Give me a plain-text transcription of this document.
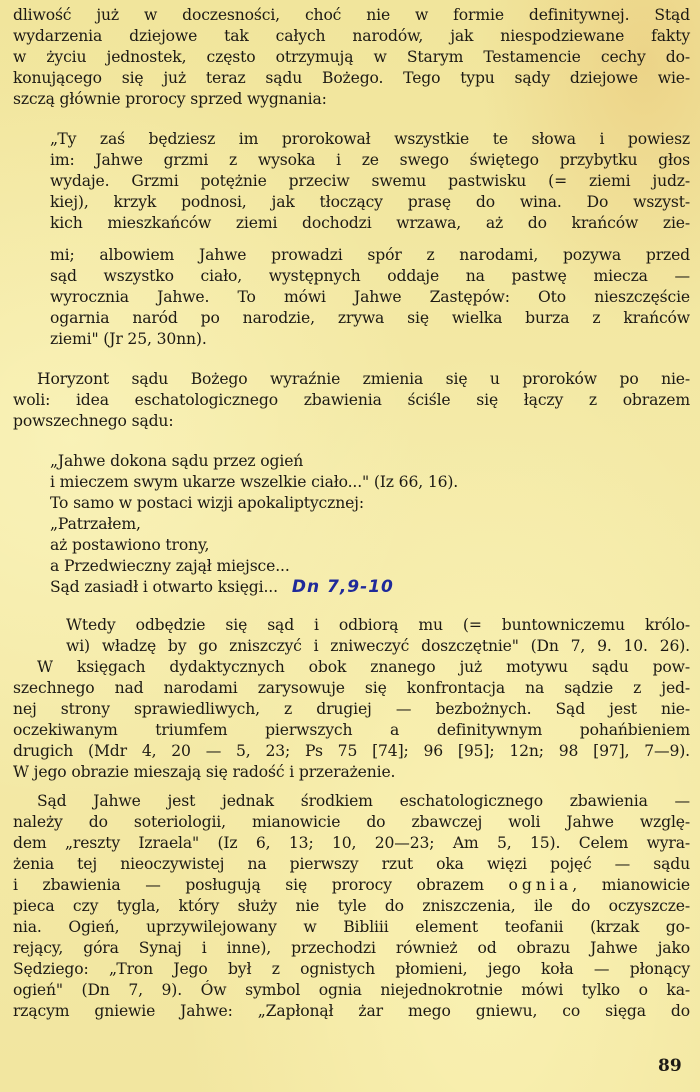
dliwość już w doczesności, choć nie w formie definitywnej. Stąd
wydarzenia dziejowe tak całych narodów, jak niespodziewane fakty
w życiu jednostek, często otrzymują w Starym Testamencie cechy do-
konującego się już teraz sądu Bożego. Tego typu sądy dziejowe wie-
szczą głównie prorocy sprzed wygnania:
„Ty zaś będziesz im prorokował wszystkie te słowa i powiesz
im: Jahwe grzmi z wysoka i ze swego świętego przybytku głos
wydaje. Grzmi potężnie przeciw swemu pastwisku (= ziemi judz-
kiej), krzyk podnosi, jak tłoczący prasę do wina. Do wszyst-
kich mieszkańców ziemi dochodzi wrzawa, aż do krańców zie-
mi; albowiem Jahwe prowadzi spór z narodami, pozywa przed
sąd wszystko ciało, występnych oddaje na pastwę miecza —
wyrocznia Jahwe. To mówi Jahwe Zastępów: Oto nieszczęście
ogarnia naród po narodzie, zrywa się wielka burza z krańców
ziemi" (Jr 25, 30nn).
Horyzont sądu Bożego wyraźnie zmienia się u proroków po nie-
woli: idea eschatologicznego zbawienia ściśle się łączy z obrazem
powszechnego sądu:
„Jahwe dokona sądu przez ogień
i mieczem swym ukarze wszelkie ciało..." (Iz 66, 16).
To samo w postaci wizji apokaliptycznej:
„Patrzałem,
aż postawiono trony,
a Przedwieczny zajął miejsce...
Sąd zasiadł i otwarto księgi... Dn 7,9-10
Wtedy odbędzie się sąd i odbiorą mu (= buntowniczemu królo-
wi) władzę by go zniszczyć i zniweczyć doszczętnie" (Dn 7, 9. 10. 26).
W księgach dydaktycznych obok znanego już motywu sądu pow-
szechnego nad narodami zarysowuje się konfrontacja na sądzie z jed-
nej strony sprawiedliwych, z drugiej — bezbożnych. Sąd jest nie-
oczekiwanym triumfem pierwszych a definitywnym pohańbieniem
drugich (Mdr 4, 20 — 5, 23; Ps 75 [74]; 96 [95]; 12n; 98 [97], 7—9).
W jego obrazie mieszają się radość i przerażenie.
Sąd Jahwe jest jednak środkiem eschatologicznego zbawienia —
należy do soteriologii, mianowicie do zbawczej woli Jahwe wzglę-
dem „reszty Izraela" (Iz 6, 13; 10, 20—23; Am 5, 15). Celem wyra-
żenia tej nieoczywistej na pierwszy rzut oka więzi pojęć — sądu
i zbawienia — posługują się prorocy obrazem ognia, mianowicie
pieca czy tygla, który służy nie tyle do zniszczenia, ile do oczyszcze-
nia. Ogień, uprzywilejowany w Bibliii element teofanii (krzak go-
rejący, góra Synaj i inne), przechodzi również od obrazu Jahwe jako
Sędziego: „Tron Jego był z ognistych płomieni, jego koła — płonący
ogień" (Dn 7, 9). Ów symbol ognia niejednokrotnie mówi tylko o ka-
rzącym gniewie Jahwe: „Zapłonął żar mego gniewu, co sięga do
89
